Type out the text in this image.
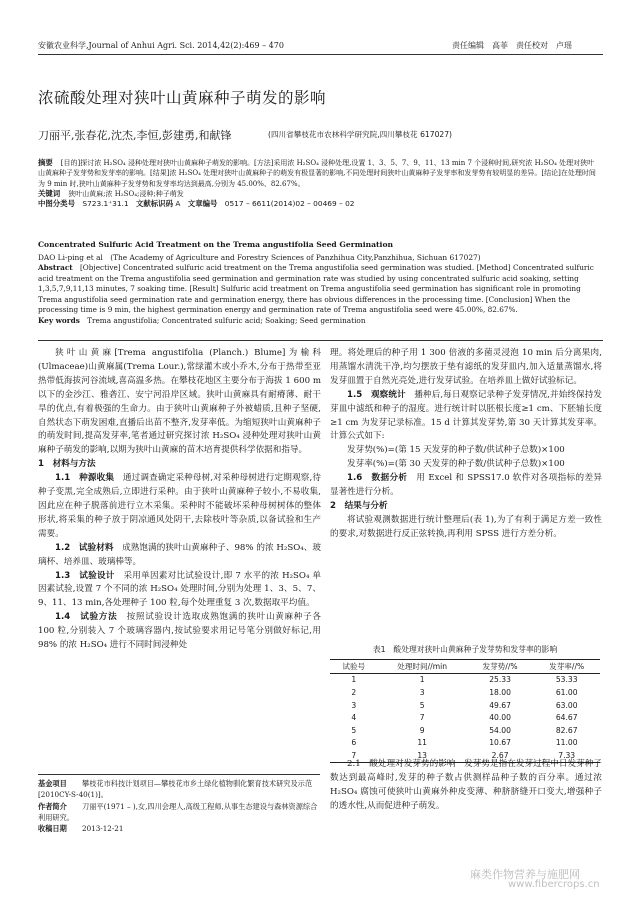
安徽农业科学,Journal of Anhui Agri. Sci. 2014,42(2):469 – 470	责任编辑　高菲　责任校对　卢瑶
浓硫酸处理对狭叶山黄麻种子萌发的影响
刀丽平,张春花,沈杰,李恒,彭建勇,和献锋	(四川省攀枝花市农林科学研究院,四川攀枝花 617027)
摘要 [目的]探讨浓 H₂SO₄ 浸种处理对狭叶山黄麻种子萌发的影响。[方法]采用浓 H₂SO₄ 浸种处理,设置 1、3、5、7、9、11、13 min 7 个浸种时间,研究浓 H₂SO₄ 处理对狭叶山黄麻种子发芽势和发芽率的影响。[结果]浓 H₂SO₄ 处理对狭叶山黄麻种子的萌发有极显著的影响,不同处理时间狭叶山黄麻种子发芽率和发芽势有较明显的差异。[结论]在处理时间为 9 min 时,狭叶山黄麻种子发芽势和发芽率均达到最高,分别为 45.00%、82.67%。
关键词 狭叶山黄麻;浓 H₂SO₄;浸种;种子萌发
中图分类号　 S723.1⁺31.1　 文献标识码 A　 文章编号　 0517 – 6611(2014)02 – 00469 – 02
Concentrated Sulfuric Acid Treatment on the Trema angustifolia Seed Germination
DAO Li-ping et al　(The Academy of Agriculture and Forestry Sciences of Panzhihua City,Panzhihua, Sichuan 617027)
Abstract　 [Objective] Concentrated sulfuric acid treatment on the Trema angustifolia seed germination was studied. [Method] Concentrated sulfuric acid treatment on the Trema angustifolia seed germination and germination rate was studied by using concentrated sulfuric acid soaking, setting 1,3,5,7,9,11,13 minutes, 7 soaking time. [Result] Sulfuric acid treatment on Trema angustifolia seed germination has significant role in promoting Trema angustifolia seed germination rate and germination energy, there has obvious differences in the processing time. [Conclusion] When the processing time is 9 min, the highest germination energy and germination rate of Trema angustifolia seed were 45.00%, 82.67%.
Key words　 Trema angustifolia; Concentrated sulfuric acid; Soaking; Seed germination

狭叶山黄麻[Trema angustifolia (Planch.) Blume]为榆科(Ulmaceae)山黄麻属(Trema Lour.),常绿灌木或小乔木,分布于热带至亚热带低海拔河谷流域,喜高温多热。在攀枝花地区主要分布于海拔 1 600 m 以下的金沙江、雅砻江、安宁河沿岸区域。狭叶山黄麻具有耐瘠薄、耐干旱的优点,有着极强的生命力。由于狭叶山黄麻种子外被蜡质,且种子坚硬,自然状态下萌发困难,直播后出苗不整齐,发芽率低。为缩短狭叶山黄麻种子的萌发时间,提高发芽率,笔者通过研究探讨浓 H₂SO₄ 浸种处理对狭叶山黄麻种子萌发的影响,以期为狭叶山黄麻的苗木培育提供科学依据和指导。

1　材料与方法

1.1　种源收集　通过调查确定采种母树,对采种母树进行定期观察,待种子变黑,完全成熟后,立即进行采种。由于狭叶山黄麻种子较小,不易收集,因此应在种子脱落前进行立木采集。采种时不能破坏采种母树树体的整体形状,将采集的种子放于阴凉通风处阴干,去除枝叶等杂质,以备试验和生产需要。

1.2　试验材料　成熟饱满的狭叶山黄麻种子、98% 的浓 H₂SO₄、玻璃杯、培养皿、玻璃棒等。

1.3　试验设计　采用单因素对比试验设计,即 7 水平的浓 H₂SO₄ 单因素试验,设置 7 个不同的浓 H₂SO₄ 处理时间,分别为处理 1、3、5、7、9、11、13 min,各处理种子 100 粒,每个处理重复 3 次,数据取平均值。

1.4　试验方法　按照试验设计选取成熟饱满的狭叶山黄麻种子各 100 粒,分别装入 7 个玻璃容器内,按试验要求用记号笔分别做好标记,用 98% 的浓 H₂SO₄ 进行不同时间浸种处

理。将处理后的种子用 1 300 倍液的多菌灵浸泡 10 min 后分离果肉,用蒸馏水清洗干净,均匀摆放于垫有滤纸的发芽皿内,加入适量蒸馏水,将发芽皿置于自然光亮处,进行发芽试验。在培养皿上做好试验标记。

1.5　观察统计　播种后,每日观察记录种子发芽情况,并始终保持发芽皿中滤纸和种子的湿度。进行统计时以胚根长度≥1 cm、下胚轴长度≥1 cm 为发芽记录标准。15 d 计算其发芽势,第 30 天计算其发芽率。计算公式如下:

发芽势(%)=(第 15 天发芽的种子数/供试种子总数)×100

发芽率(%)=(第 30 天发芽的种子数/供试种子总数)×100

1.6　数据分析　用 Excel 和 SPSS17.0 软件对各项指标的差异显著性进行分析。

2　结果与分析

将试验观测数据进行统计整理后(表 1),为了有利于满足方差一致性的要求,对数据进行反正弦转换,再利用 SPSS 进行方差分析。

表1　酸处理对狭叶山黄麻种子发芽势和发芽率的影响
试验号	处理时间//min	发芽势//%	发芽率//%
1	1	25.33	53.33
2	3	18.00	61.00
3	5	49.67	63.00
4	7	40.00	64.67
5	9	54.00	82.67
6	11	10.67	11.00
7	13	2.67	7.33

2.1　酸处理对发芽势的影响　发芽势是指在发芽过程中日发芽种子数达到最高峰时,发芽的种子数占供测样品种子数的百分率。通过浓 H₂SO₄ 腐蚀可使狭叶山黄麻外种皮变薄、种脐脐缝开口变大,增强种子的透水性,从而促进种子萌发。

基金项目 攀枝花市科技计划项目—攀枝花市乡土绿化植物驯化繁育技术研究及示范[2010CY-S-40(1)]。
作者简介 刀丽平(1971 – ),女,四川会理人,高级工程师,从事生态建设与森林资源综合利用研究。
收稿日期 2013-12-21
麻类作物营养与施肥网
www.fibercrops.cn
